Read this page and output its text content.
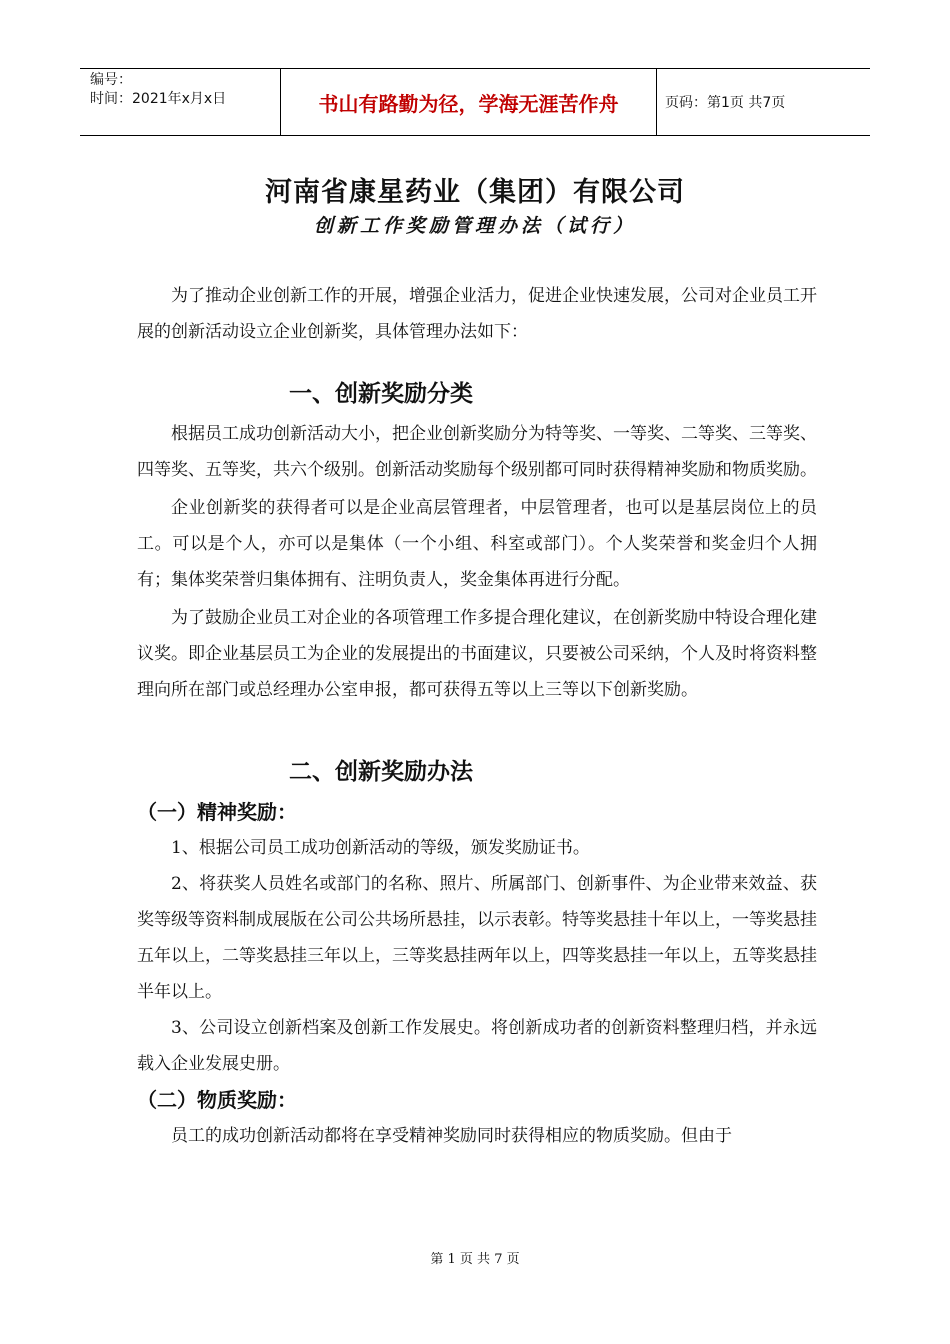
编号：
时间：2021年x月x日	书山有路勤为径，学海无涯苦作舟	页码：第1页 共7页
河南省康星药业（集团）有限公司
创新工作奖励管理办法（试行）

为了推动企业创新工作的开展，增强企业活力，促进企业快速发展，公司对企业员工开展的创新活动设立企业创新奖，具体管理办法如下：

一、创新奖励分类

根据员工成功创新活动大小，把企业创新奖励分为特等奖、一等奖、二等奖、三等奖、四等奖、五等奖，共六个级别。创新活动奖励每个级别都可同时获得精神奖励和物质奖励。

企业创新奖的获得者可以是企业高层管理者，中层管理者，也可以是基层岗位上的员工。可以是个人，亦可以是集体（一个小组、科室或部门）。个人奖荣誉和奖金归个人拥有；集体奖荣誉归集体拥有、注明负责人，奖金集体再进行分配。

为了鼓励企业员工对企业的各项管理工作多提合理化建议，在创新奖励中特设合理化建议奖。即企业基层员工为企业的发展提出的书面建议，只要被公司采纳，个人及时将资料整理向所在部门或总经理办公室申报，都可获得五等以上三等以下创新奖励。

二、创新奖励办法
（一）精神奖励：

1、根据公司员工成功创新活动的等级，颁发奖励证书。

2、将获奖人员姓名或部门的名称、照片、所属部门、创新事件、为企业带来效益、获奖等级等资料制成展版在公司公共场所悬挂，以示表彰。特等奖悬挂十年以上，一等奖悬挂五年以上，二等奖悬挂三年以上，三等奖悬挂两年以上，四等奖悬挂一年以上，五等奖悬挂半年以上。

3、公司设立创新档案及创新工作发展史。将创新成功者的创新资料整理归档，并永远载入企业发展史册。

（二）物质奖励：

员工的成功创新活动都将在享受精神奖励同时获得相应的物质奖励。但由于

第 1 页 共 7 页
